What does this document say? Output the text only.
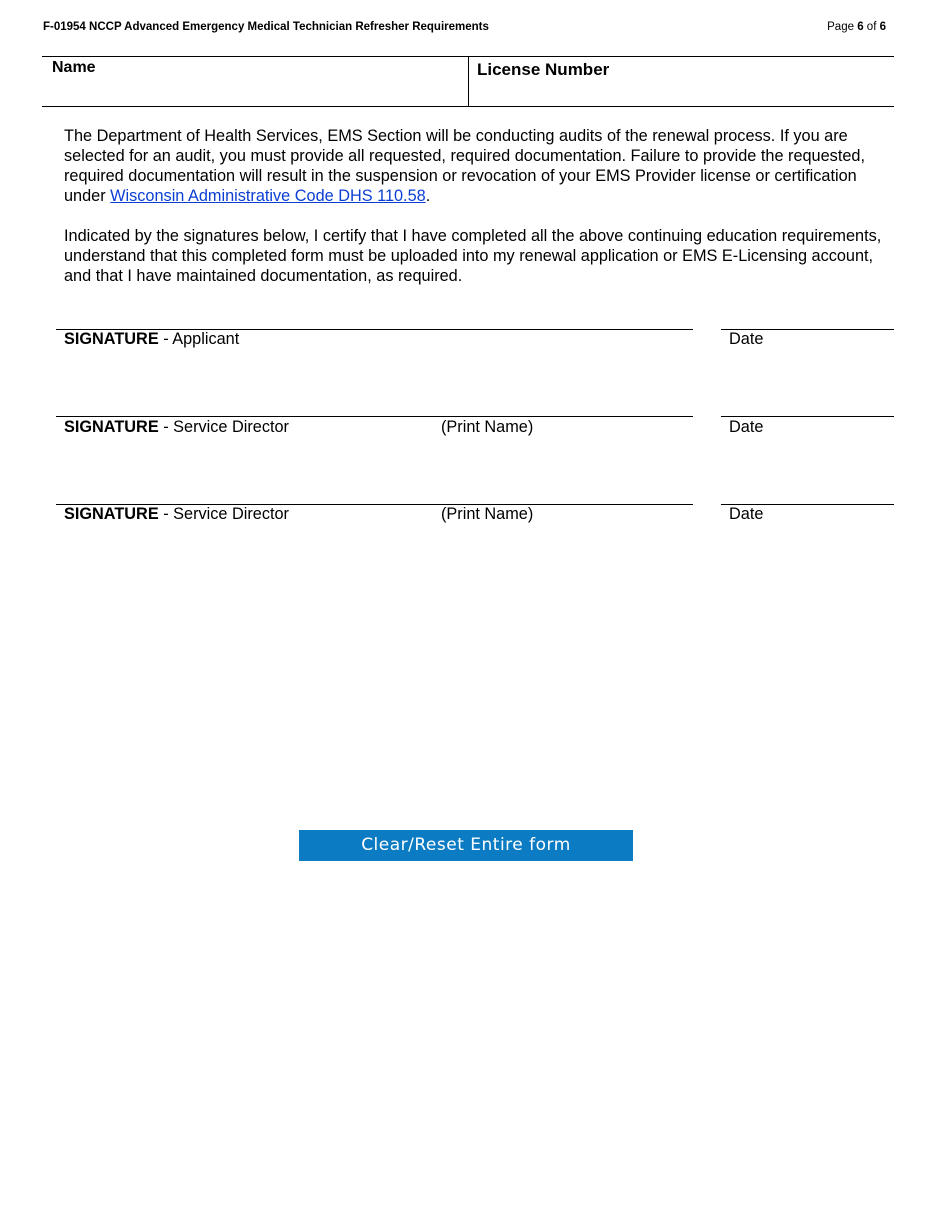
F-01954 NCCP Advanced Emergency Medical Technician Refresher Requirements	Page 6 of 6
Name	License Number

The Department of Health Services, EMS Section will be conducting audits of the renewal process. If you are selected for an audit, you must provide all requested, required documentation. Failure to provide the requested, required documentation will result in the suspension or revocation of your EMS Provider license or certification under Wisconsin Administrative Code DHS 110.58.

Indicated by the signatures below, I certify that I have completed all the above continuing education requirements, understand that this completed form must be uploaded into my renewal application or EMS E-Licensing account, and that I have maintained documentation, as required.

SIGNATURE - Applicant	Date
SIGNATURE - Service Director	(Print Name)	Date
SIGNATURE - Service Director	(Print Name)	Date
Clear/Reset Entire form
